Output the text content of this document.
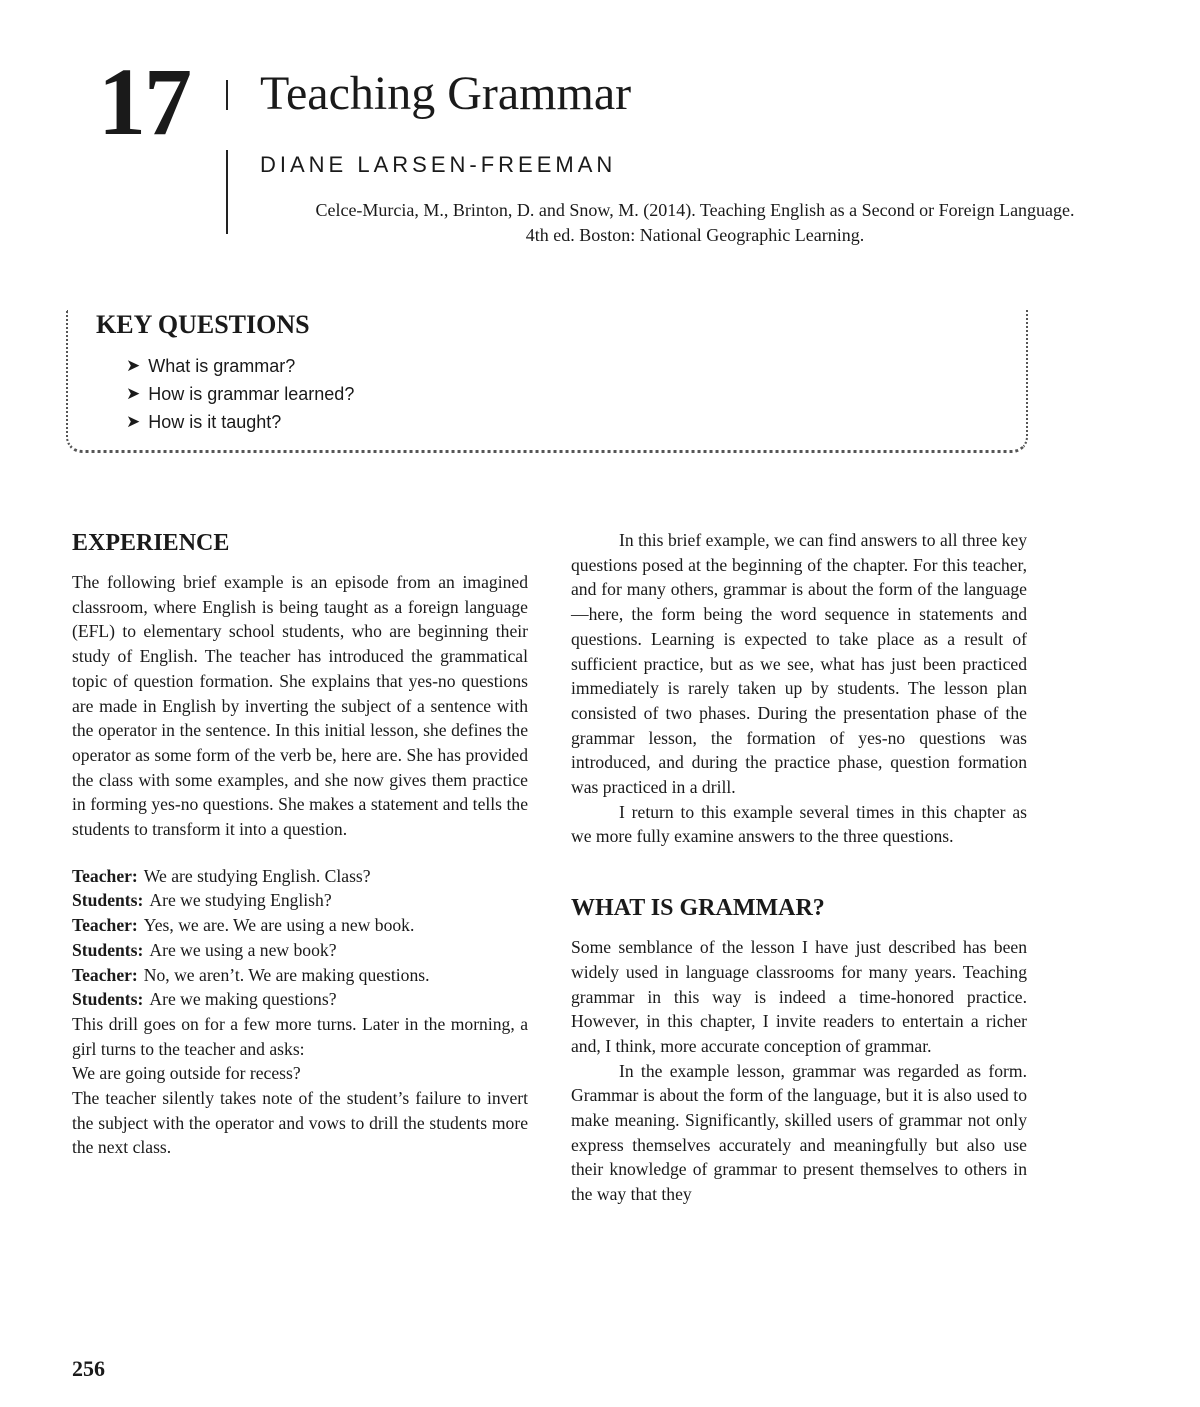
17 Teaching Grammar
DIANE LARSEN-FREEMAN
Celce-Murcia, M., Brinton, D. and Snow, M. (2014). Teaching English as a Second or Foreign Language.
4th ed. Boston: National Geographic Learning.
KEY QUESTIONS
➤ What is grammar?
➤ How is grammar learned?
➤ How is it taught?
EXPERIENCE

The following brief example is an episode from an imagined classroom, where English is being taught as a foreign language (EFL) to elementary school students, who are beginning their study of English. The teacher has introduced the grammatical topic of question formation. She explains that yes-no questions are made in English by inverting the subject of a sentence with the operator in the sentence. In this initial lesson, she defines the operator as some form of the verb be, here are. She has provided the class with some examples, and she now gives them practice in forming yes-no questions. She makes a statement and tells the students to transform it into a question.

Teacher: We are studying English. Class?
Students: Are we studying English?
Teacher: Yes, we are. We are using a new book.
Students: Are we using a new book?
Teacher: No, we aren’t. We are making questions.
Students: Are we making questions?

This drill goes on for a few more turns. Later in the morning, a girl turns to the teacher and asks:

We are going outside for recess?

The teacher silently takes note of the student’s failure to invert the subject with the operator and vows to drill the students more the next class.

In this brief example, we can find answers to all three key questions posed at the beginning of the chapter. For this teacher, and for many others, grammar is about the form of the language—here, the form being the word sequence in statements and questions. Learning is expected to take place as a result of sufficient practice, but as we see, what has just been practiced immediately is rarely taken up by students. The lesson plan consisted of two phases. During the presentation phase of the grammar lesson, the formation of yes-no questions was introduced, and during the practice phase, question formation was practiced in a drill.

I return to this example several times in this chapter as we more fully examine answers to the three questions.

WHAT IS GRAMMAR?

Some semblance of the lesson I have just described has been widely used in language classrooms for many years. Teaching grammar in this way is indeed a time-honored practice. However, in this chapter, I invite readers to entertain a richer and, I think, more accurate conception of grammar.

In the example lesson, grammar was regarded as form. Grammar is about the form of the language, but it is also used to make meaning. Significantly, skilled users of grammar not only express themselves accurately and meaningfully but also use their knowledge of grammar to present themselves to others in the way that they

256
